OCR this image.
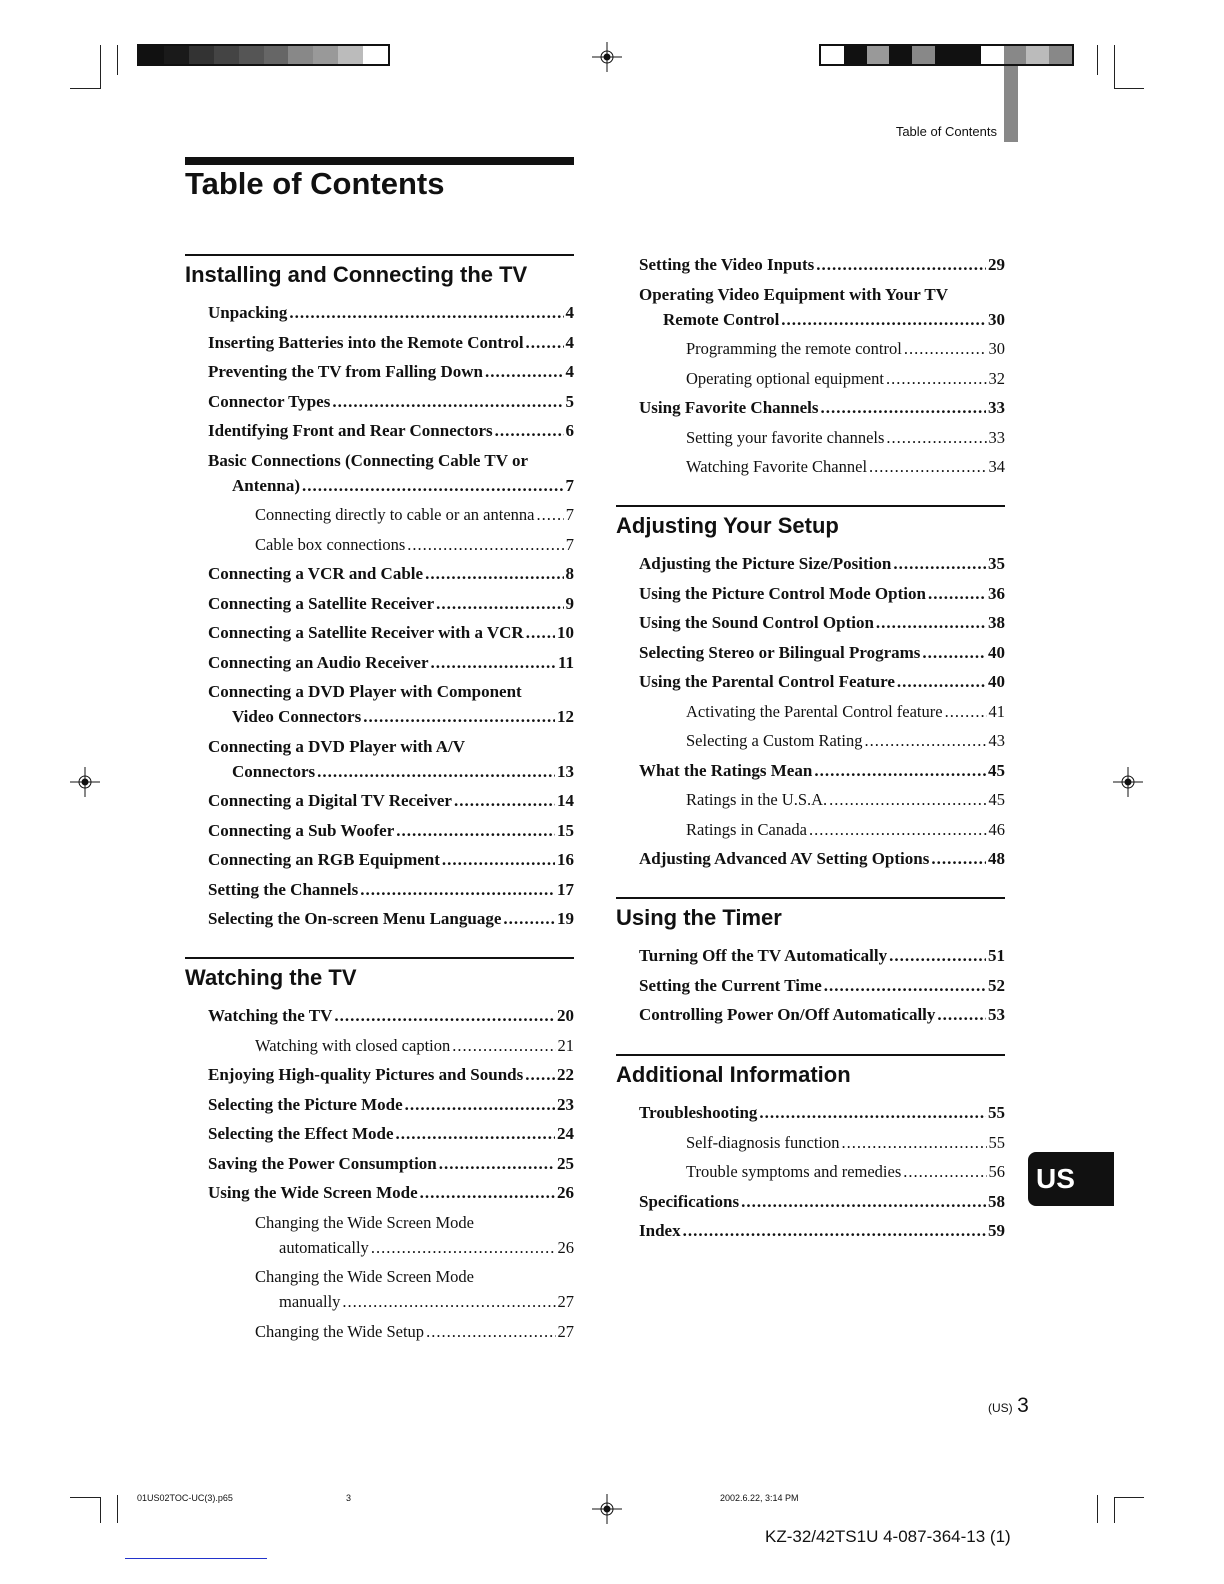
Table of Contents
Table of Contents
Installing and Connecting the TV
Unpacking .....	4
Inserting Batteries into the Remote Control ..... 4
Preventing the TV from Falling Down .....	4
Connector Types .....	5
Identifying Front and Rear Connectors .....	6
Basic Connections (Connecting Cable TV or
Antenna) .....	7
Connecting directly to cable or an antenna ..... 7
Cable box connections .....	7
Connecting a VCR and Cable .....	8
Connecting a Satellite Receiver .....	9
Connecting a Satellite Receiver with a VCR ..... 10
Connecting an Audio Receiver .....	11
Connecting a DVD Player with Component
Video Connectors .....	12
Connecting a DVD Player with A/V
Connectors .....	13
Connecting a Digital TV Receiver .....	14
Connecting a Sub Woofer .....	15
Connecting an RGB Equipment .....	16
Setting the Channels .....	17
Selecting the On-screen Menu Language .....	19
Watching the TV
Watching the TV .....	20
Watching with closed caption .....	21
Enjoying High-quality Pictures and Sounds ..... 22
Selecting the Picture Mode .....	23
Selecting the Effect Mode .....	24
Saving the Power Consumption .....	25
Using the Wide Screen Mode .....	26
Changing the Wide Screen Mode
automatically .....	26
Changing the Wide Screen Mode
manually .....	27
Changing the Wide Setup .....	27
Setting the Video Inputs .....	29
Operating Video Equipment with Your TV
Remote Control .....	30
Programming the remote control .....	30
Operating optional equipment .....	32
Using Favorite Channels .....	33
Setting your favorite channels .....	33
Watching Favorite Channel .....	34
Adjusting Your Setup
Adjusting the Picture Size/Position .....	35
Using the Picture Control Mode Option .....	36
Using the Sound Control Option .....	38
Selecting Stereo or Bilingual Programs .....	40
Using the Parental Control Feature .....	40
Activating the Parental Control feature .....	41
Selecting a Custom Rating .....	43
What the Ratings Mean .....	45
Ratings in the U.S.A. .....	45
Ratings in Canada .....	46
Adjusting Advanced AV Setting Options .....	48
Using the Timer
Turning Off the TV Automatically .....	51
Setting the Current Time .....	52
Controlling Power On/Off Automatically .....	53
Additional Information
Troubleshooting .....	55
Self-diagnosis function .....	55
Trouble symptoms and remedies .....	56
Specifications .....	58
Index .....	59
US
(US) 3
01US02TOC-UC(3).p65	3	2002.6.22, 3:14 PM
KZ-32/42TS1U 4-087-364-13 (1)
